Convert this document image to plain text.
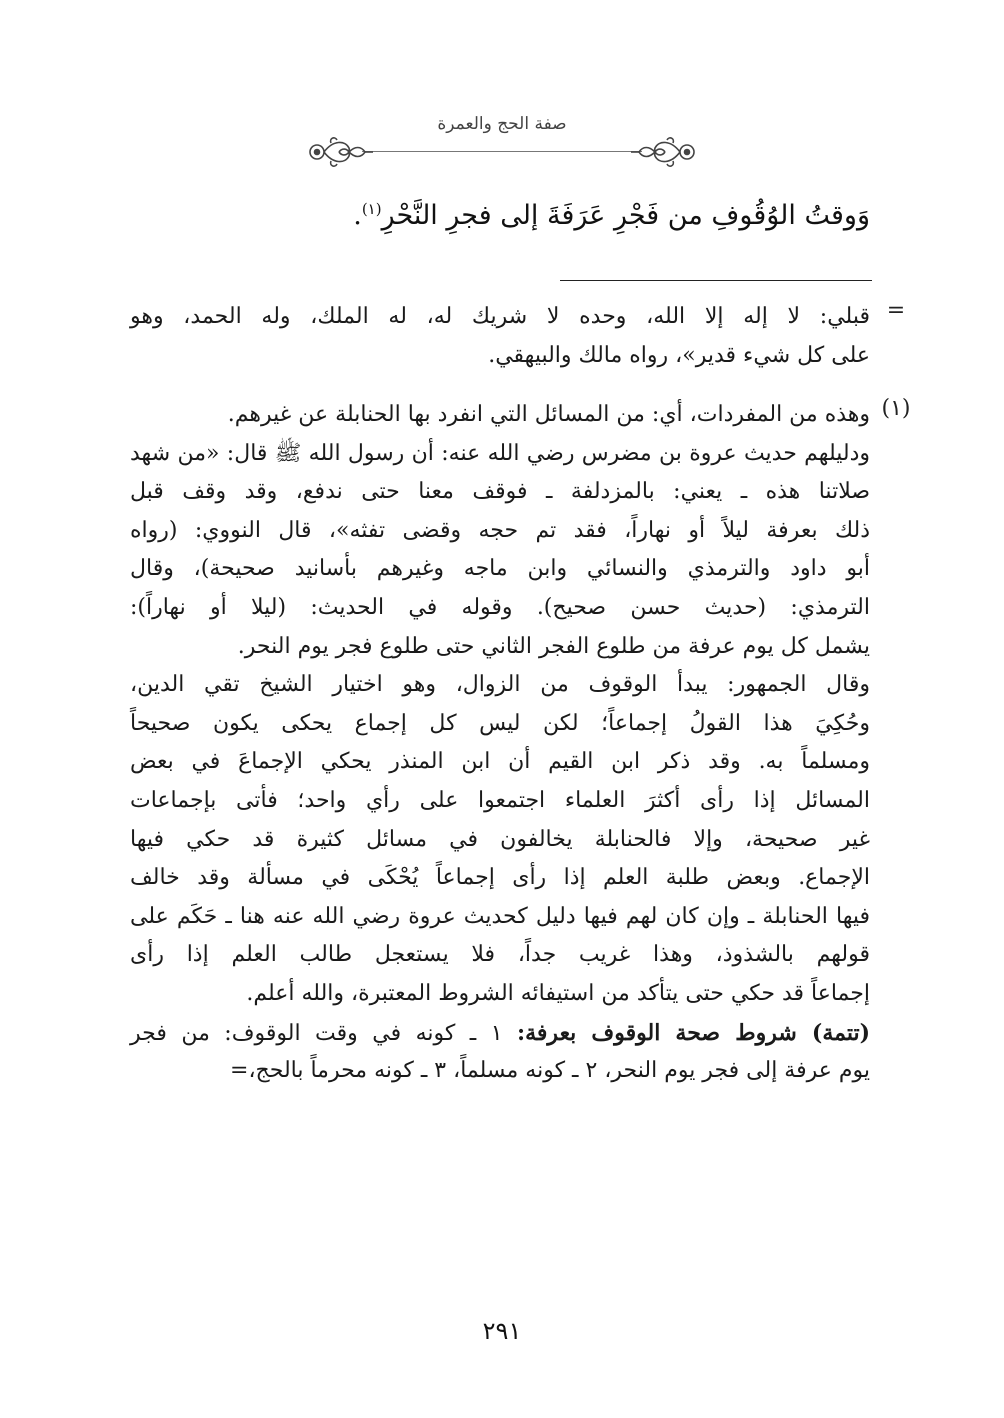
صفة الحج والعمرة
وَوقتُ الوُقُوفِ من فَجْرِ عَرَفَةَ إلى فجرِ النَّحْرِ$^{(١)}$.
=
قبلي: لا إله إلا الله، وحده لا شريك له، له الملك، وله الحمد، وهو
على كل شيء قدير»، رواه مالك والبيهقي.
(١)
وهذه من المفردات، أي: من المسائل التي انفرد بها الحنابلة عن غيرهم.
ودليلهم حديث عروة بن مضرس رضي الله عنه: أن رسول الله ﷺ قال: «من شهد
صلاتنا هذه ـ يعني: بالمزدلفة ـ فوقف معنا حتى ندفع، وقد وقف قبل
ذلك بعرفة ليلاً أو نهاراً، فقد تم حجه وقضى تفثه»، قال النووي: (رواه
أبو داود والترمذي والنسائي وابن ماجه وغيرهم بأسانيد صحيحة)، وقال
الترمذي: (حديث حسن صحيح). وقوله في الحديث: (ليلا أو نهاراً):
يشمل كل يوم عرفة من طلوع الفجر الثاني حتى طلوع فجر يوم النحر.
وقال الجمهور: يبدأ الوقوف من الزوال، وهو اختيار الشيخ تقي الدين،
وحُكِيَ هذا القولُ إجماعاً؛ لكن ليس كل إجماع يحكى يكون صحيحاً
ومسلماً به. وقد ذكر ابن القيم أن ابن المنذر يحكي الإجماعَ في بعض
المسائل إذا رأى أكثرَ العلماء اجتمعوا على رأي واحد؛ فأتى بإجماعات
غير صحيحة، وإلا فالحنابلة يخالفون في مسائل كثيرة قد حكي فيها
الإجماع. وبعض طلبة العلم إذا رأى إجماعاً يُحْكَى في مسألة وقد خالف
فيها الحنابلة ـ وإن كان لهم فيها دليل كحديث عروة رضي الله عنه هنا ـ حَكَم على
قولهم بالشذوذ، وهذا غريب جداً، فلا يستعجل طالب العلم إذا رأى
إجماعاً قد حكي حتى يتأكد من استيفائه الشروط المعتبرة، والله أعلم.
(تتمة) شروط صحة الوقوف بعرفة: ١ ـ كونه في وقت الوقوف: من فجر
يوم عرفة إلى فجر يوم النحر، ٢ ـ كونه مسلماً، ٣ ـ كونه محرماً بالحج،=
٢٩١
